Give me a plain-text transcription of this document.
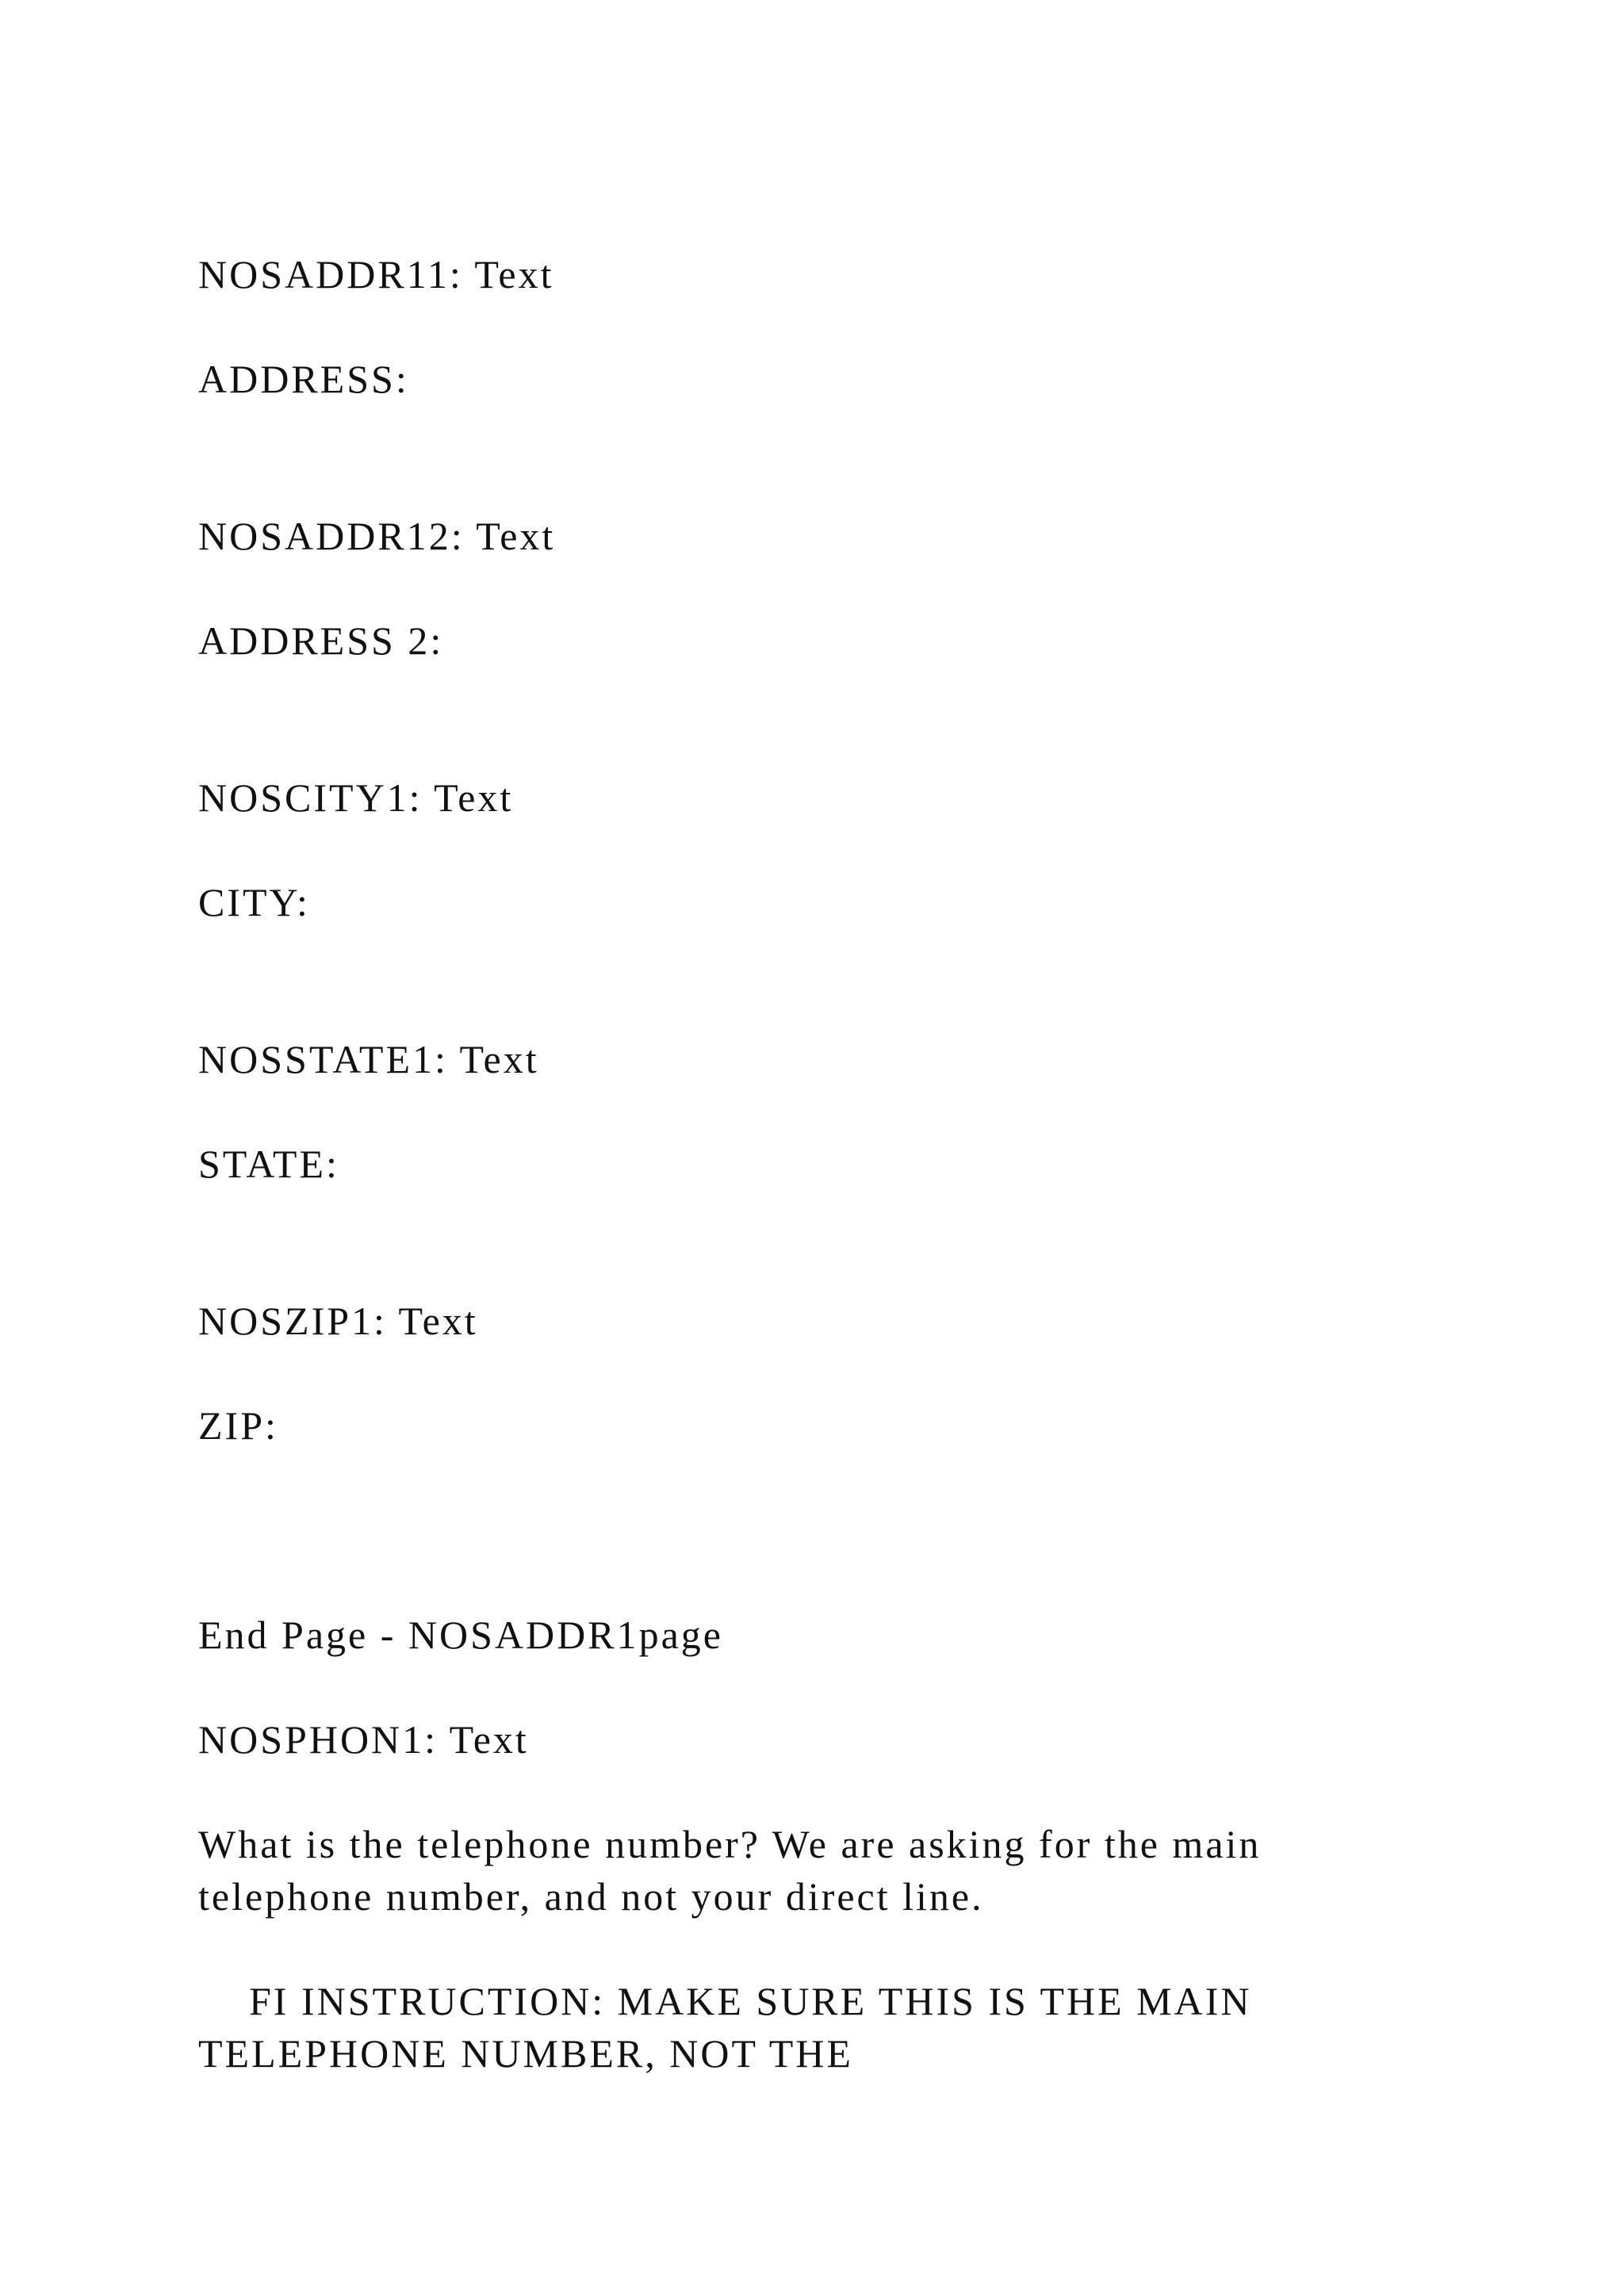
NOSADDR11: Text
ADDRESS:
NOSADDR12: Text
ADDRESS 2:
NOSCITY1: Text
CITY:
NOSSTATE1: Text
STATE:
NOSZIP1: Text
ZIP:
End Page - NOSADDR1page
NOSPHON1: Text
What is the telephone number? We are asking for the main telephone number, and not your direct line.
FI INSTRUCTION: MAKE SURE THIS IS THE MAIN TELEPHONE NUMBER, NOT THE
